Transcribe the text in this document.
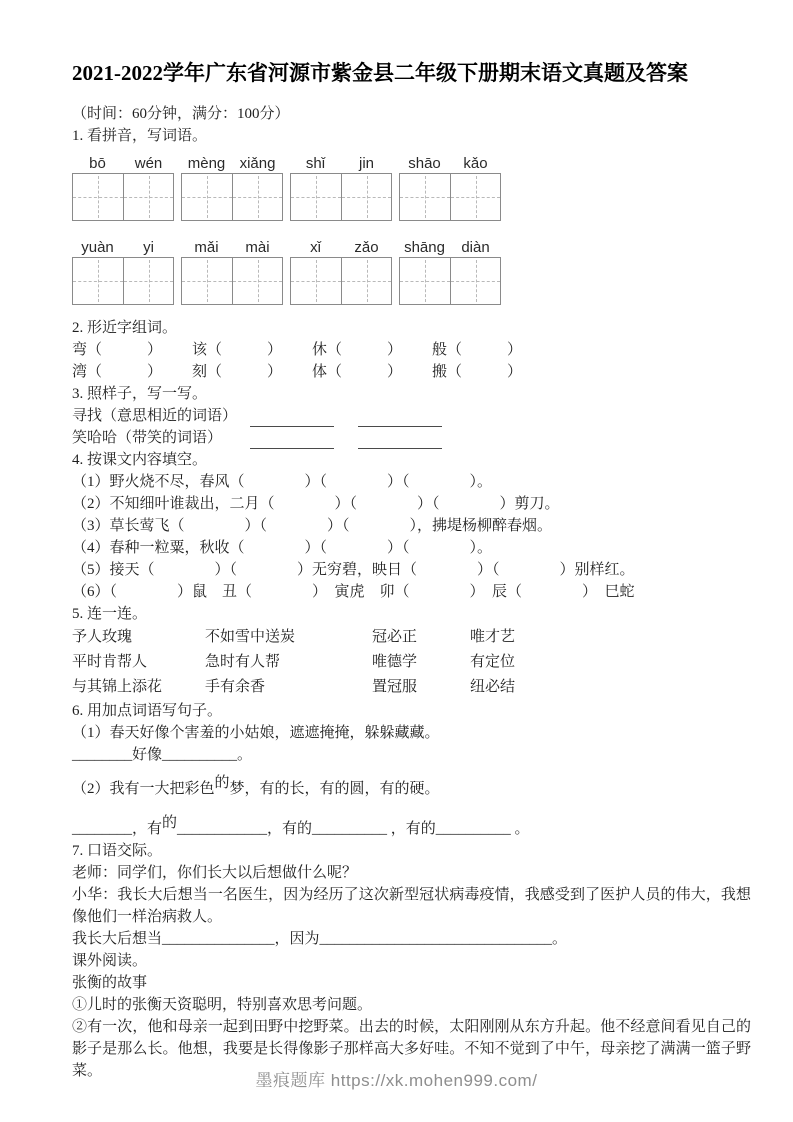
2021-2022学年广东省河源市紫金县二年级下册期末语文真题及答案
（时间：60分钟，满分：100分）
1. 看拼音，写词语。
bō	wén	mèng xiǎng	shǐ	jin	shāo	kǎo
yuàn	yi	mǎi	mài	xǐ	zǎo	shāng	diàn
2. 形近字组词。
弯（　　　）	该（　　　）	休（　　　）	般（　　　）
湾（　　　）	刻（　　　）	体（　　　）	搬（　　　）
3. 照样子，写一写。
寻找（意思相近的词语）
笑哈哈（带笑的词语）
4. 按课文内容填空。
（1）野火烧不尽，春风（　　　　）（　　　　）（　　　　）。
（2）不知细叶谁裁出，二月（　　　　）（　　　　）（　　　　）剪刀。
（3）草长莺飞（　　　　）（　　　　）（　　　　），拂堤杨柳醉春烟。
（4）春种一粒粟，秋收（　　　　）（　　　　）（　　　　）。
（5）接天（　　　　）（　　　　）无穷碧，映日（　　　　）（　　　　）别样红。
（6）（　　　　）鼠　丑（　　　　）　寅虎　卯（　　　　）　辰（　　　　）　巳蛇
5. 连一连。
予人玫瑰	不如雪中送炭	冠必正	唯才艺
平时肯帮人	急时有人帮	唯德学	有定位
与其锦上添花	手有余香	置冠服	纽必结
6. 用加点词语写句子。
（1）春天好像个害羞的小姑娘，遮遮掩掩，躲躲藏藏。
________好像__________。
（2）我有一大把彩色的梦，有的长，有的圆，有的硬。
________，有的____________，有的__________ ，有的__________ 。
7. 口语交际。
老师：同学们，你们长大以后想做什么呢？
小华：我长大后想当一名医生，因为经历了这次新型冠状病毒疫情，我感受到了医护人员的伟大，我想像他们一样治病救人。
我长大后想当_______________，因为_______________________________。
课外阅读。
张衡的故事
①儿时的张衡天资聪明，特别喜欢思考问题。
②有一次，他和母亲一起到田野中挖野菜。出去的时候，太阳刚刚从东方升起。他不经意间看见自己的影子是那么长。他想，我要是长得像影子那样高大多好哇。不知不觉到了中午，母亲挖了满满一篮子野菜。	墨痕题库 https://xk.mohen999.com/
